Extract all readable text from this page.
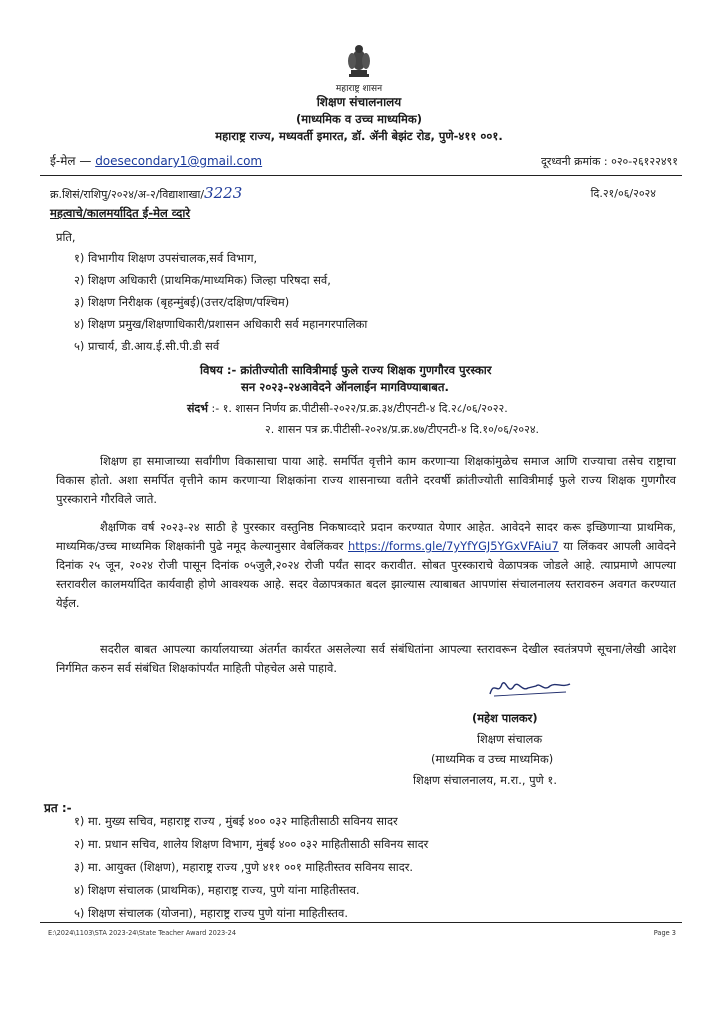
महाराष्ट्र शासन
शिक्षण संचालनालय
(माध्यमिक व उच्च माध्यमिक)
महाराष्ट्र राज्य, मध्यवर्ती इमारत, डॉ. ॲनी बेझंट रोड, पुणे-४११ ००१.
ई-मेल — doesecondary1@gmail.com	दूरध्वनी क्रमांक : ०२०-२६१२२४९१
क्र.शिसं/राशिपु/२०२४/अ-२/विद्याशाखा/3223	दि.२१/०६/२०२४
महत्वाचे/कालमर्यादित ई-मेल व्दारे
प्रति,
१) विभागीय शिक्षण उपसंचालक,सर्व विभाग,
२) शिक्षण अधिकारी (प्राथमिक/माध्यमिक) जिल्हा परिषदा सर्व,
३) शिक्षण निरीक्षक (बृहन्मुंबई)(उत्तर/दक्षिण/पश्चिम)
४) शिक्षण प्रमुख/शिक्षणाधिकारी/प्रशासन अधिकारी सर्व महानगरपालिका
५) प्राचार्य, डी.आय.ई.सी.पी.डी सर्व
विषय :- क्रांतीज्योती सावित्रीमाई फुले राज्य शिक्षक गुणगौरव पुरस्कार
सन २०२३-२४आवेदने ऑनलाईन मागविण्याबाबत.
संदर्भ :- १. शासन निर्णय क्र.पीटीसी-२०२२/प्र.क्र.३४/टीएनटी-४ दि.२८/०६/२०२२.
२. शासन पत्र क्र.पीटीसी-२०२४/प्र.क्र.४७/टीएनटी-४ दि.१०/०६/२०२४.
शिक्षण हा समाजाच्या सर्वांगीण विकासाचा पाया आहे. समर्पित वृत्तीने काम करणाऱ्या शिक्षकांमुळेच समाज आणि राज्याचा तसेच राष्ट्राचा विकास होतो. अशा समर्पित वृत्तीने काम करणाऱ्या शिक्षकांना राज्य शासनाच्या वतीने दरवर्षी क्रांतीज्योती सावित्रीमाई फुले राज्य शिक्षक गुणगौरव पुरस्काराने गौरविले जाते.
शैक्षणिक वर्ष २०२३-२४ साठी हे पुरस्कार वस्तुनिष्ठ निकषाव्दारे प्रदान करण्यात येणार आहेत. आवेदने सादर करू इच्छिणाऱ्या प्राथमिक, माध्यमिक/उच्च माध्यमिक शिक्षकांनी पुढे नमूद केल्यानुसार वेबलिंकवर https://forms.gle/7yYfYGJ5YGxVFAiu7 या लिंकवर आपली आवेदने दिनांक २५ जून, २०२४ रोजी पासून दिनांक ०५जुलै,२०२४ रोजी पर्यंत सादर करावीत. सोबत पुरस्काराचे वेळापत्रक जोडले आहे. त्याप्रमाणे आपल्या स्तरावरील कालमर्यादित कार्यवाही होणे आवश्यक आहे. सदर वेळापत्रकात बदल झाल्यास त्याबाबत आपणांस संचालनालय स्तरावरुन अवगत करण्यात येईल.
सदरील बाबत आपल्या कार्यालयाच्या अंतर्गत कार्यरत असलेल्या सर्व संबंधितांना आपल्या स्तरावरून देखील स्वतंत्रपणे सूचना/लेखी आदेश निर्गमित करुन सर्व संबंधित शिक्षकांपर्यंत माहिती पोहचेल असे पाहावे.
(महेश पालकर)
शिक्षण संचालक
(माध्यमिक व उच्च माध्यमिक)
शिक्षण संचालनालय, म.रा., पुणे १.
प्रत :-
१) मा. मुख्य सचिव, महाराष्ट्र राज्य , मुंबई ४०० ०३२ माहितीसाठी सविनय सादर
२) मा. प्रधान सचिव, शालेय शिक्षण विभाग, मुंबई ४०० ०३२ माहितीसाठी सविनय सादर
३) मा. आयुक्त (शिक्षण), महाराष्ट्र राज्य ,पुणे ४११ ००१ माहितीस्तव सविनय सादर.
४) शिक्षण संचालक (प्राथमिक), महाराष्ट्र राज्य, पुणे यांना माहितीस्तव.
५) शिक्षण संचालक (योजना), महाराष्ट्र राज्य पुणे यांना माहितीस्तव.
E:\2024\1103\STA 2023-24\State Teacher Award 2023-24	Page 3
